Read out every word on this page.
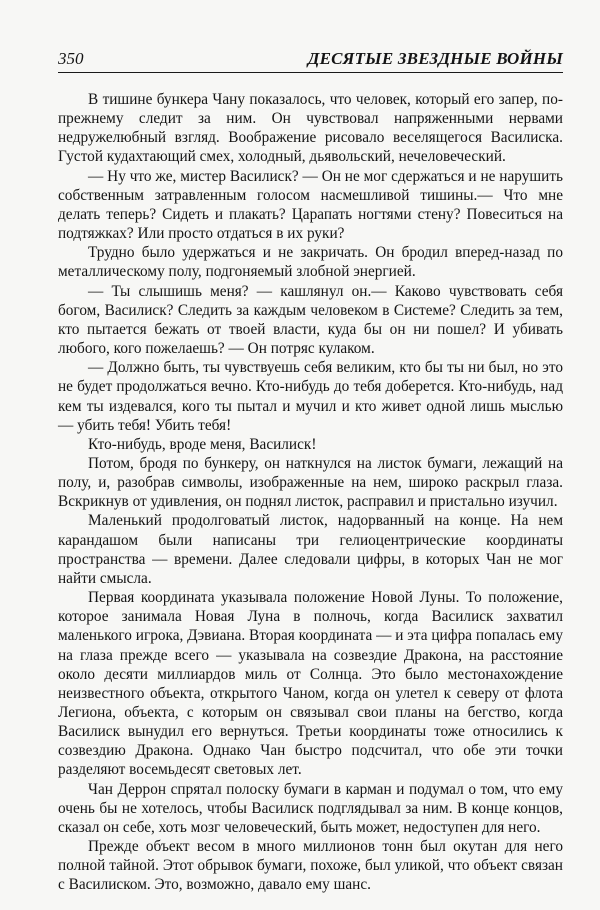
350	ДЕСЯТЫЕ ЗВЕЗДНЫЕ ВОЙНЫ

В тишине бункера Чану показалось, что человек, который его запер, по-прежнему следит за ним. Он чувствовал напряженными нервами недружелюбный взгляд. Воображение рисовало веселящегося Василиска. Густой кудахтающий смех, холодный, дьявольский, нечеловеческий.

— Ну что же, мистер Василиск? — Он не мог сдержаться и не нарушить собственным затравленным голосом насмешливой тишины.— Что мне делать теперь? Сидеть и плакать? Царапать ногтями стену? Повеситься на подтяжках? Или просто отдаться в их руки?

Трудно было удержаться и не закричать. Он бродил вперед-назад по металлическому полу, подгоняемый злобной энергией.

— Ты слышишь меня? — кашлянул он.— Каково чувствовать себя богом, Василиск? Следить за каждым человеком в Системе? Следить за тем, кто пытается бежать от твоей власти, куда бы он ни пошел? И убивать любого, кого пожелаешь? — Он потряс кулаком.

— Должно быть, ты чувствуешь себя великим, кто бы ты ни был, но это не будет продолжаться вечно. Кто-нибудь до тебя доберется. Кто-нибудь, над кем ты издевался, кого ты пытал и мучил и кто живет одной лишь мыслью — убить тебя! Убить тебя!

Кто-нибудь, вроде меня, Василиск!

Потом, бродя по бункеру, он наткнулся на листок бумаги, лежащий на полу, и, разобрав символы, изображенные на нем, широко раскрыл глаза. Вскрикнув от удивления, он поднял листок, расправил и пристально изучил.

Маленький продолговатый листок, надорванный на конце. На нем карандашом были написаны три гелиоцентрические координаты пространства — времени. Далее следовали цифры, в которых Чан не мог найти смысла.

Первая координата указывала положение Новой Луны. То положение, которое занимала Новая Луна в полночь, когда Василиск захватил маленького игрока, Дэвиана. Вторая координата — и эта цифра попалась ему на глаза прежде всего — указывала на созвездие Дракона, на расстояние около десяти миллиардов миль от Солнца. Это было местонахождение неизвестного объекта, открытого Чаном, когда он улетел к северу от флота Легиона, объекта, с которым он связывал свои планы на бегство, когда Василиск вынудил его вернуться. Третьи координаты тоже относились к созвездию Дракона. Однако Чан быстро подсчитал, что обе эти точки разделяют восемьдесят световых лет.

Чан Деррон спрятал полоску бумаги в карман и подумал о том, что ему очень бы не хотелось, чтобы Василиск подглядывал за ним. В конце концов, сказал он себе, хоть мозг человеческий, быть может, недоступен для него.

Прежде объект весом в много миллионов тонн был окутан для него полной тайной. Этот обрывок бумаги, похоже, был уликой, что объект связан с Василиском. Это, возможно, давало ему шанс.
